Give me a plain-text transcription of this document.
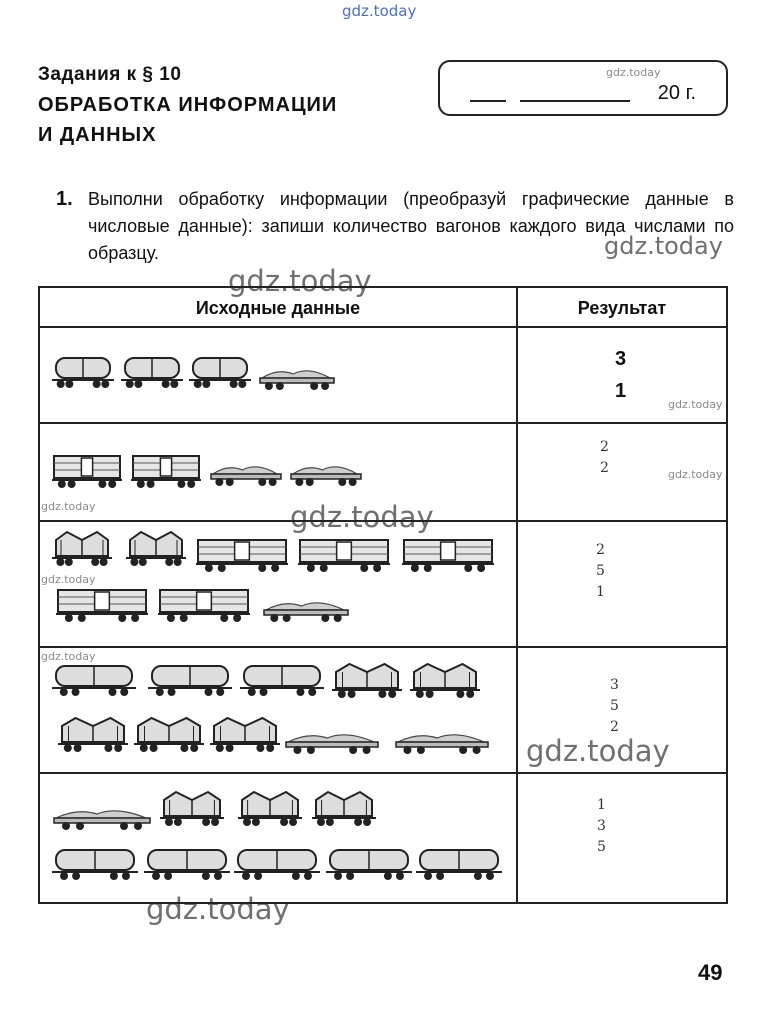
gdz.today
gdz.today
gdz.today
gdz.today
gdz.today
gdz.today
gdz.today	gdz.today
gdz.today
gdz.today
gdz.today
gdz.today
Задания к § 10
ОБРАБОТКА ИНФОРМАЦИИ
И ДАННЫХ
20 г.
1. Выполни обработку информации (преобразуй графические данные в числовые данные): запиши количество вагонов каждого вида числами по образцу.
Исходные данные	Результат
3
1
2
2
2
5
1
3
5
2
1
3
5
49
